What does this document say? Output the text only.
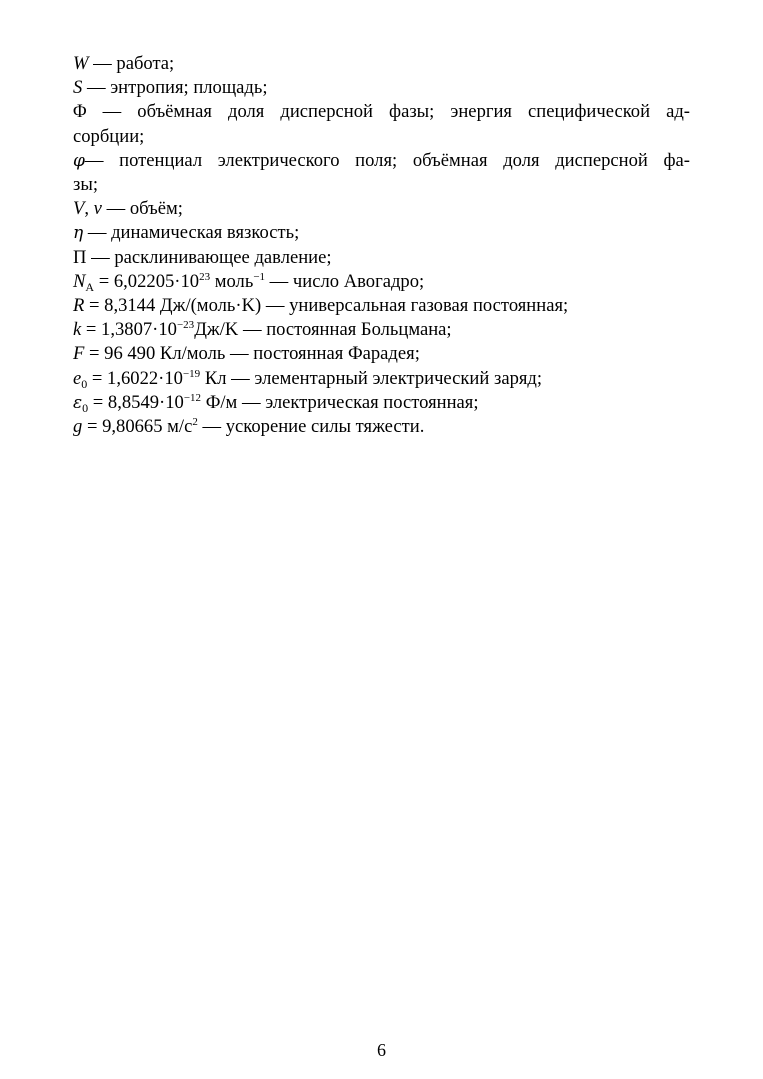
W — работа;

S — энтропия; площадь;

Φ — объёмная доля дисперсной фазы; энергия специфической ад-

сорбции;

φ— потенциал электрического поля; объёмная доля дисперсной фа-

зы;

V, v — объём;

η — динамическая вязкость;

Π — расклинивающее давление;

$N_A = 6,02205\cdot 10^{23}$ моль$^{-1}$ — число Авогадро;

R = 8,3144 Дж/(моль·K) — универсальная газовая постоянная;

$k = 1,3807\cdot 10^{-23}Дж/K$ — постоянная Больцмана;

F = 96 490 Кл/моль — постоянная Фарадея;

$e_0 = 1,6022\cdot 10^{-19}$ Кл — элементарный электрический заряд;

$\varepsilon_0 = 8,8549\cdot 10^{-12}$ Ф/м — электрическая постоянная;

g = 9,80665 $м/с^2$ — ускорение силы тяжести.

6
